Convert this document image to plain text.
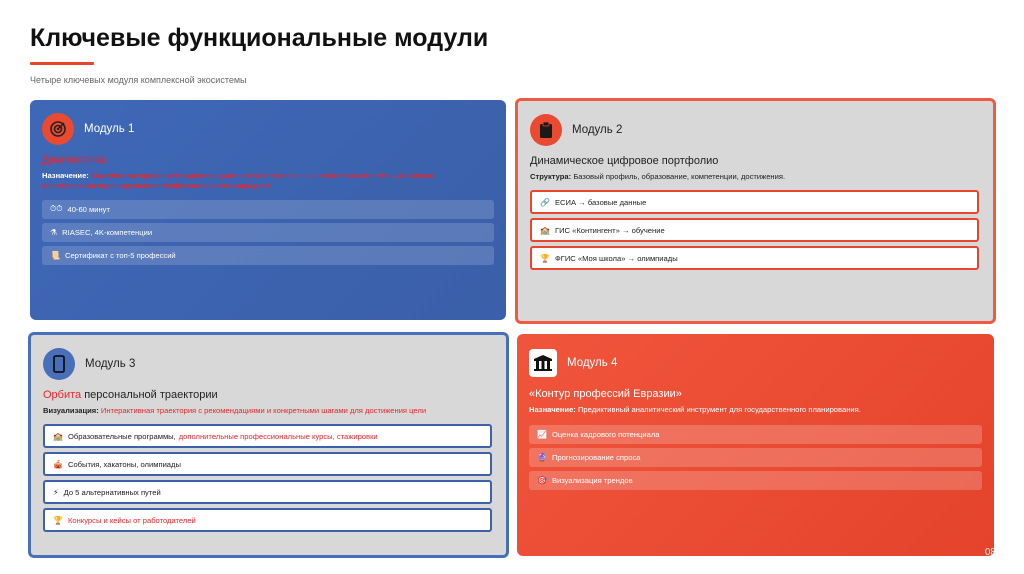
Ключевые функциональные модули
Четыре ключевых модуля комплексной экосистемы
Модуль 1
Диагностика
Назначение: Комплексная профориентационная диагностика интересов, склонностей и компетенций с целью формирования индивидуального профессионального маршрута
⏱⏱ 40-60 минут
⚗ RIASEC, 4K-компетенции
📜 Сертификат с топ-5 профессий
Модуль 2
Динамическое цифровое портфолио
Структура: Базовый профиль, образование, компетенции, достижения.
🔗 ЕСИА → базовые данные
🏫 ГИС «Контингент» → обучение
🏆 ФГИС «Моя школа» → олимпиады
Модуль 3
Орбита персональной траектории
Визуализация: Интерактивная траектория с рекомендациями и конкретными шагами для достижения цели
🏫 Образовательные программы, дополнительные профессиональные курсы, стажировки
🎪 События, хакатоны, олимпиады
⚡ До 5 альтернативных путей
🏆 Конкурсы и кейсы от работодателей
Модуль 4
«Контур профессий Евразии»
Назначение: Предиктивный аналитический инструмент для государственного планирования.
📈 Оценка кадрового потенциала
🔮 Прогнозирование спроса
🎯 Визуализация трендов
08
